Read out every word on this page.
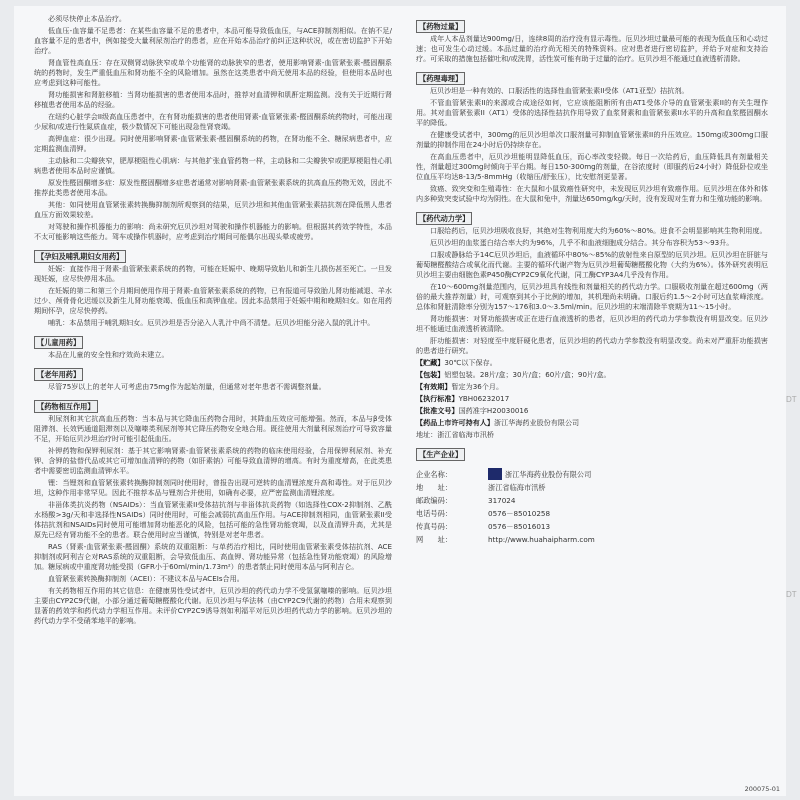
必须尽快停止本品治疗。

低血压-血容量不足患者：在某些血容量不足的患者中，本品可能导致低血压，与ACE抑制剂相似。在钠不足/血容量不足的患者中，例如接受大量利尿剂治疗的患者，应在开始本品治疗前纠正这种状况，或在密切监护下开始治疗。

肾血管性高血压：存在双侧肾动脉狭窄或单个功能肾的动脉狭窄的患者，使用影响肾素-血管紧张素-醛固酮系统的药物时，发生严重低血压和肾功能不全的风险增加。虽然在这类患者中尚无使用本品的经验，但使用本品时也应考虑到这种可能性。

肾功能损害和肾脏移植：当肾功能损害的患者使用本品时，推荐对血清钾和肌酐定期监测。没有关于近期行肾移植患者使用本品的经验。

在纽约心脏学会II级高血压患者中，在有肾功能损害的患者使用肾素-血管紧张素-醛固酮系统药物时，可能出现少尿和/或进行性氮质血症，极少数情况下可能出现急性肾衰竭。

高钾血症：很少出现。同时使用影响肾素-血管紧张素-醛固酮系统的药物，在肾功能不全、糖尿病患者中，应定期监测血清钾。

主动脉和二尖瓣狭窄，肥厚梗阻性心肌病：与其他扩张血管药物一样，主动脉和二尖瓣狭窄或肥厚梗阻性心肌病患者使用本品时应谨慎。

原发性醛固酮增多症：原发性醛固酮增多症患者通常对影响肾素-血管紧张素系统的抗高血压药物无效，因此不推荐此类患者使用本品。

其他：如同使用血管紧张素转换酶抑制剂所观察到的结果，厄贝沙坦和其他血管紧张素拮抗剂在降低黑人患者血压方面效果较差。

对驾驶和操作机器能力的影响：尚未研究厄贝沙坦对驾驶和操作机器能力的影响。但根据其药效学特性，本品不太可能影响这些能力。驾车或操作机器时，应考虑到治疗期间可能偶尔出现头晕或疲劳。

【孕妇及哺乳期妇女用药】

妊娠：直接作用于肾素-血管紧张素系统的药物，可能在妊娠中、晚期导致胎儿和新生儿损伤甚至死亡。一旦发现妊娠，应尽快停用本品。

在妊娠的第二和第三个月期间使用作用于肾素-血管紧张素系统的药物，已有报道可导致胎儿肾功能减退、羊水过少、颅骨骨化迟缓以及新生儿肾功能衰竭、低血压和高钾血症。因此本品禁用于妊娠中期和晚期妇女。如在用药期间怀孕，应尽快停药。

哺乳：本品禁用于哺乳期妇女。厄贝沙坦是否分泌入人乳汁中尚不清楚。厄贝沙坦能分泌入鼠的乳汁中。

【儿童用药】

本品在儿童的安全性和疗效尚未建立。

【老年用药】

尽管75岁以上的老年人可考虑由75mg作为起始剂量，但通常对老年患者不需调整剂量。

【药物相互作用】

利尿剂和其它抗高血压药物：当本品与其它降血压药物合用时，其降血压效应可能增强。然而，本品与β受体阻滞剂、长效钙通道阻滞剂以及噻嗪类利尿剂等其它降压药物安全地合用。既往使用大剂量利尿剂治疗可导致容量不足，开始厄贝沙坦治疗时可能引起低血压。

补钾药物和保钾利尿剂：基于其它影响肾素-血管紧张素系统的药物的临床使用经验，合用保钾利尿剂、补充钾、含钾的盐替代品或其它可增加血清钾的药物（如肝素钠）可能导致血清钾的增高。有时为重度增高，在此类患者中需要密切监测血清钾水平。

锂：当锂剂和血管紧张素转换酶抑制剂同时使用时，曾报告出现可逆转的血清锂浓度升高和毒性。对于厄贝沙坦，这种作用非常罕见。因此不推荐本品与锂剂合并使用，如确有必要，应严密监测血清锂浓度。

非甾体类抗炎药物（NSAIDs）：当血管紧张素II受体拮抗剂与非甾体抗炎药物（如选择性COX-2抑制剂、乙酰水杨酸>3g/天和非选择性NSAIDs）同时使用时，可能会减弱抗高血压作用。与ACE抑制剂相同，血管紧张素II受体拮抗剂和NSAIDs同时使用可能增加肾功能恶化的风险，包括可能的急性肾功能衰竭，以及血清钾升高，尤其是原先已经有肾功能不全的患者。联合使用时应当谨慎，特别是对老年患者。

RAS（肾素-血管紧张素-醛固酮）系统的双重阻断：与单药治疗相比，同时使用血管紧张素受体拮抗剂、ACE抑制剂或阿利吉仑对RAS系统的双重阻断，会导致低血压、高血钾、肾功能异常（包括急性肾功能衰竭）的风险增加。糖尿病或中重度肾功能受损（GFR小于60ml/min/1.73m²）的患者禁止同时使用本品与阿利吉仑。

血管紧张素转换酶抑制剂（ACEI）：不建议本品与ACEIs合用。

有关药物相互作用的其它信息：在健康男性受试者中，厄贝沙坦的药代动力学不受氢氯噻嗪的影响。厄贝沙坦主要由CYP2C9代谢，小部分通过葡萄糖醛酸化代谢。厄贝沙坦与华法林（由CYP2C9代谢的药物）合用未观察到显著的药效学和药代动力学相互作用。未评价CYP2C9诱导剂如利福平对厄贝沙坦药代动力学的影响。厄贝沙坦的药代动力学不受硝苯地平的影响。

【药物过量】

成年人本品剂量达900mg/日，连续8周的治疗没有显示毒性。厄贝沙坦过量最可能的表现为低血压和心动过速；也可发生心动过缓。本品过量的治疗尚无相关的特殊资料。应对患者进行密切监护，并给予对症和支持治疗。可采取的措施包括催吐和/或洗胃，活性炭可能有助于过量的治疗。厄贝沙坦不能通过血液透析清除。

【药理毒理】

厄贝沙坦是一种有效的、口服活性的选择性血管紧张素II受体（AT1亚型）拮抗剂。

不管血管紧张素II的来源或合成途径如何，它应该能阻断所有由AT1受体介导的血管紧张素II的有关生理作用。其对血管紧张素II（AT1）受体的选择性拮抗作用导致了血浆肾素和血管紧张素II水平的升高和血浆醛固酮水平的降低。

在健康受试者中，300mg的厄贝沙坦单次口服剂量可抑制血管紧张素II的升压效应。150mg或300mg口服剂量的抑制作用在24小时后仍持续存在。

在高血压患者中，厄贝沙坦能明显降低血压，而心率改变轻微。每日一次给药后，血压降低具有剂量相关性，剂量超过300mg时倾向于平台期。每日150-300mg的剂量，在谷浓度时（即服药后24小时）降低卧位或坐位血压平均达8-13/5-8mmHg（收缩压/舒张压），比安慰剂更显著。

致癌、致突变和生殖毒性：在大鼠和小鼠致癌性研究中，未发现厄贝沙坦有致癌作用。厄贝沙坦在体外和体内多种致突变试验中均为阴性。在大鼠和兔中，剂量达650mg/kg/天时，没有发现对生育力和生殖功能的影响。

【药代动力学】

口服给药后，厄贝沙坦吸收良好，其绝对生物利用度大约为60%～80%。进食不会明显影响其生物利用度。

厄贝沙坦的血浆蛋白结合率大约为96%，几乎不和血液细胞成分结合。其分布容积为53～93升。

口服或静脉给予14C厄贝沙坦后，血液循环中80%～85%的放射性来自原型的厄贝沙坦。厄贝沙坦在肝脏与葡萄糖醛酸结合或氧化而代谢。主要的循环代谢产物为厄贝沙坦葡萄糖醛酸化物（大约为6%）。体外研究表明厄贝沙坦主要由细胞色素P450酶CYP2C9氧化代谢，同工酶CYP3A4几乎没有作用。

在10～600mg剂量范围内，厄贝沙坦具有线性和剂量相关的药代动力学。口服吸收剂量在超过600mg（两倍的最大推荐剂量）时，可观察到其小于比例的增加，其机理尚未明确。口服后约1.5～2小时可达血浆峰浓度。总体和肾脏清除率分别为157～176和3.0～3.5ml/min。厄贝沙坦的末端清除半衰期为11～15小时。

肾功能损害：对肾功能损害或正在进行血液透析的患者，厄贝沙坦的药代动力学参数没有明显改变。厄贝沙坦不能通过血液透析被清除。

肝功能损害：对轻度至中度肝硬化患者，厄贝沙坦的药代动力学参数没有明显改变。尚未对严重肝功能损害的患者进行研究。

【贮藏】30℃以下保存。

【包装】铝塑包装。28片/盒；30片/盒；60片/盒；90片/盒。

【有效期】暂定为36个月。

【执行标准】YBH06232017

【批准文号】国药准字H20030016

【药品上市许可持有人】浙江华海药业股份有限公司

地址：浙江省临海市汛桥

【生产企业】
企业名称：	浙江华海药业股份有限公司
地　　址：	浙江省临海市汛桥
邮政编码：	317024
电话号码：	0576－85010258
传真号码：	0576－85016013
网　　址：	http://www.huahaipharm.com
200075-01
DT
DT
